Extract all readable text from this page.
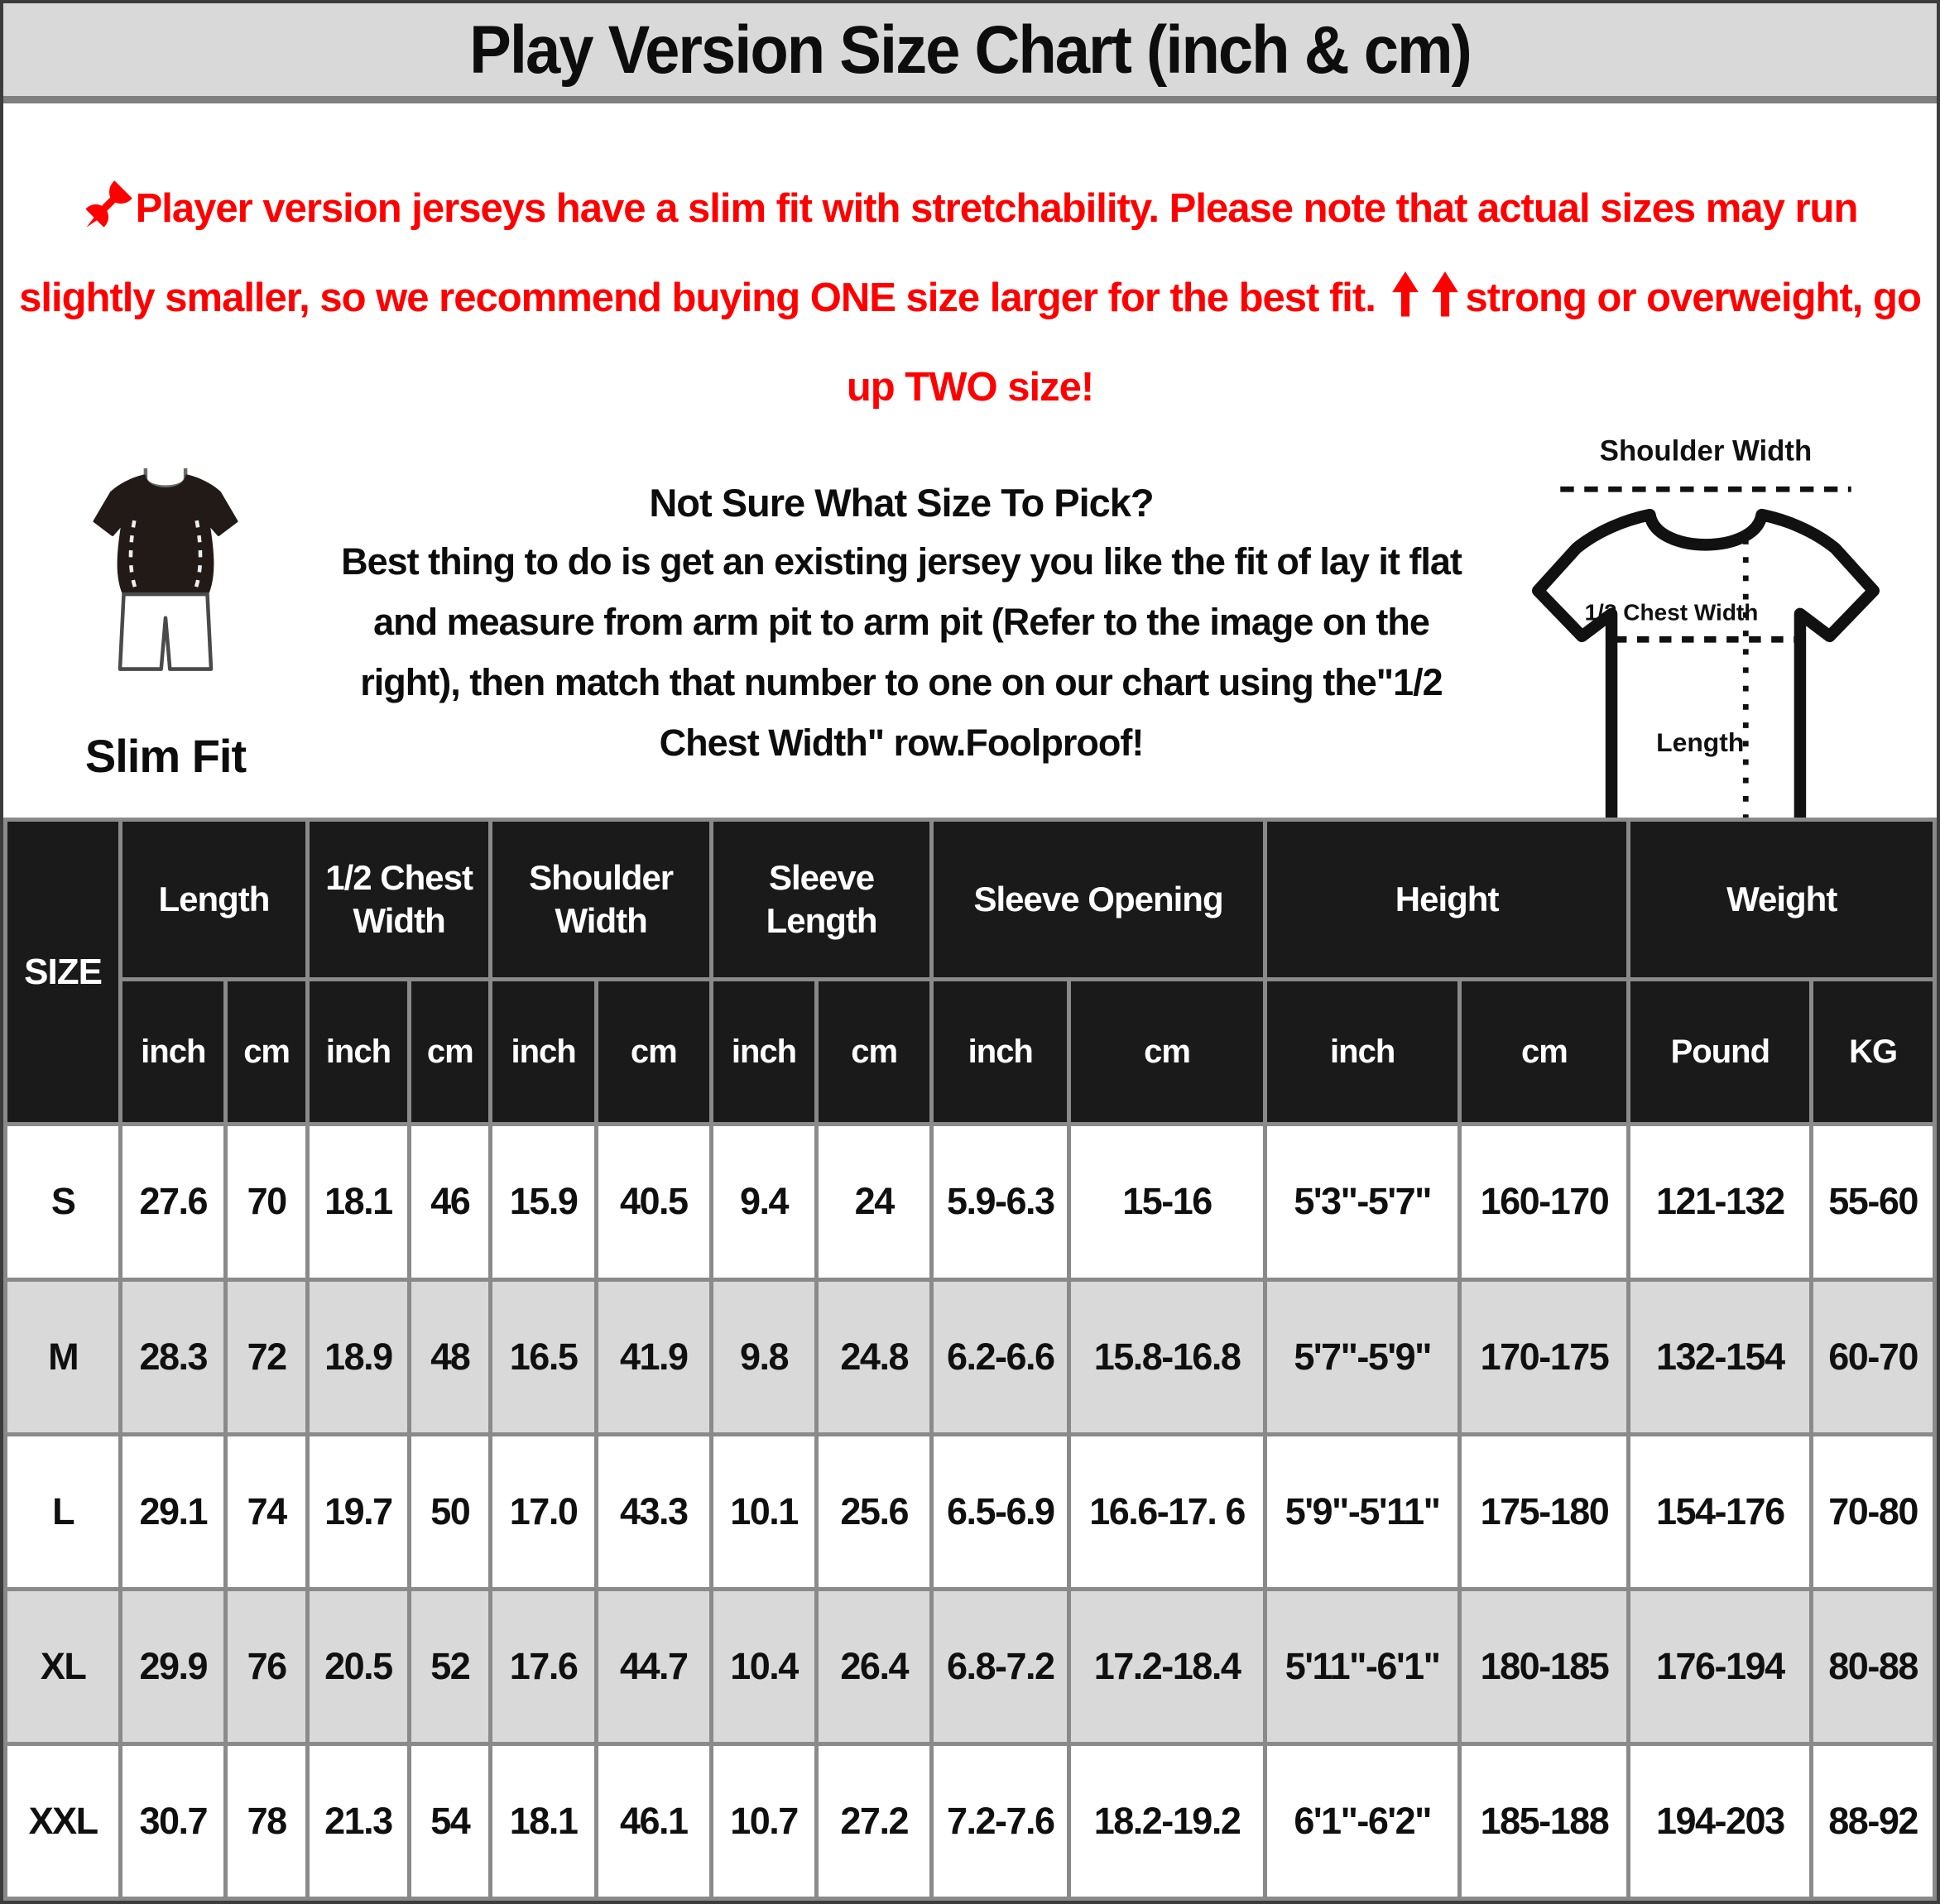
Play Version Size Chart (inch & cm)
Player version jerseys have a slim fit with stretchability. Please note that actual sizes may run slightly smaller, so we recommend buying ONE size larger for the best fit. strong or overweight, go up TWO size!
Slim Fit

Not Sure What Size To Pick?

Best thing to do is get an existing jersey you like the fit of lay it flat and measure from arm pit to arm pit (Refer to the image on the right), then match that number to one on our chart using the"1/2 Chest Width" row.Foolproof!

Shoulder Width
1/2 Chest Width
Length
SIZE	Length		1/2 Chest Width		Shoulder Width		Sleeve Length		Sleeve Opening		Height		Weight	
	inch	cm	inch	cm	inch	cm	inch	cm	inch	cm	inch	cm	Pound	KG
S	27.6	70	18.1	46	15.9	40.5	9.4	24	5.9-6.3	15-16	5'3"-5'7"	160-170	121-132	55-60
M	28.3	72	18.9	48	16.5	41.9	9.8	24.8	6.2-6.6	15.8-16.8	5'7"-5'9"	170-175	132-154	60-70
L	29.1	74	19.7	50	17.0	43.3	10.1	25.6	6.5-6.9	16.6-17. 6	5'9"-5'11"	175-180	154-176	70-80
XL	29.9	76	20.5	52	17.6	44.7	10.4	26.4	6.8-7.2	17.2-18.4	5'11"-6'1"	180-185	176-194	80-88
XXL	30.7	78	21.3	54	18.1	46.1	10.7	27.2	7.2-7.6	18.2-19.2	6'1"-6'2"	185-188	194-203	88-92
